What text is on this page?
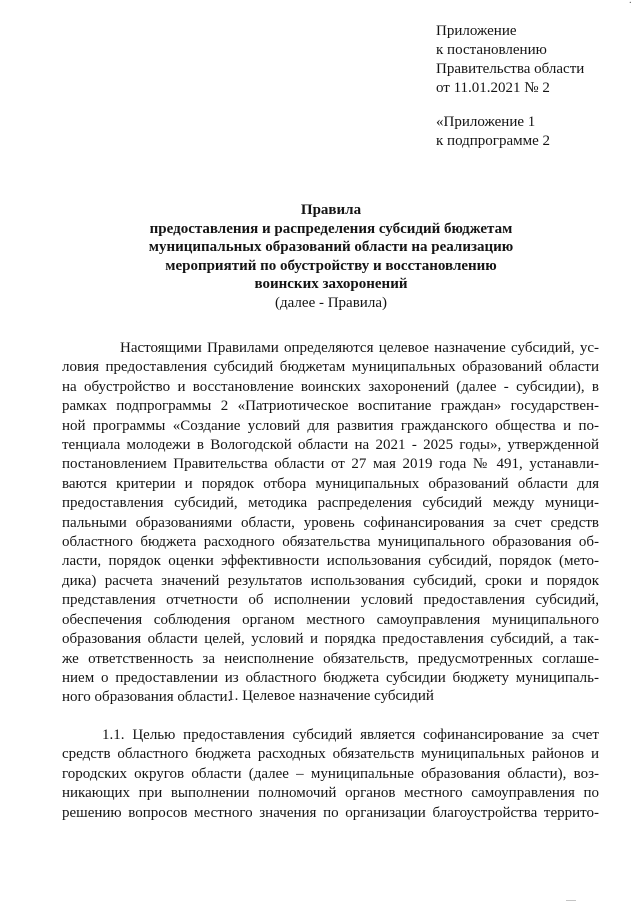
·
Приложение
к постановлению
Правительства области
от 11.01.2021 № 2
«Приложение 1
к подпрограмме 2
Правила
предоставления и распределения субсидий бюджетам
муниципальных образований области на реализацию
мероприятий по обустройству и восстановлению
воинских захоронений
(далее - Правила)
Настоящими Правилами определяются целевое назначение субсидий, ус-
ловия предоставления субсидий бюджетам муниципальных образований области
на обустройство и восстановление воинских захоронений (далее - субсидии), в
рамках подпрограммы 2 «Патриотическое воспитание граждан» государствен-
ной программы «Создание условий для развития гражданского общества и по-
тенциала молодежи в Вологодской области на 2021 - 2025 годы», утвержденной
постановлением Правительства области от 27 мая 2019 года № 491, устанавли-
ваются критерии и порядок отбора муниципальных образований области для
предоставления субсидий, методика распределения субсидий между муници-
пальными образованиями области, уровень софинансирования за счет средств
областного бюджета расходного обязательства муниципального образования об-
ласти, порядок оценки эффективности использования субсидий, порядок (мето-
дика) расчета значений результатов использования субсидий, сроки и порядок
представления отчетности об исполнении условий предоставления субсидий,
обеспечения соблюдения органом местного самоуправления муниципального
образования области целей, условий и порядка предоставления субсидий, а так-
же ответственность за неисполнение обязательств, предусмотренных соглаше-
нием о предоставлении из областного бюджета субсидии бюджету муниципаль-
ного образования области.
1. Целевое назначение субсидий
1.1. Целью предоставления субсидий является софинансирование за счет
средств областного бюджета расходных обязательств муниципальных районов и
городских округов области (далее – муниципальные образования области), воз-
никающих при выполнении полномочий органов местного самоуправления по
решению вопросов местного значения по организации благоустройства террито-
.....
